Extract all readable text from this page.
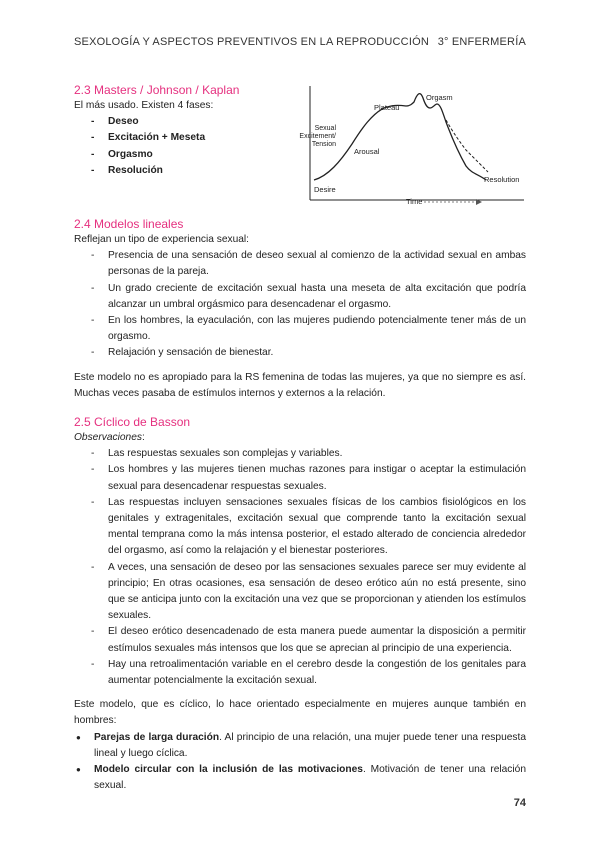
SEXOLOGÍA Y ASPECTOS PREVENTIVOS EN LA REPRODUCCIÓN 3° ENFERMERÍA
2.3 Masters / Johnson / Kaplan

El más usado. Existen 4 fases:

- Deseo
- Excitación + Meseta
- Orgasmo
- Resolución
Sexual
Excitement/
Tension
Desire
Arousal
Plateau
Orgasm
Resolution
Time
2.4 Modelos lineales

Reflejan un tipo de experiencia sexual:

- Presencia de una sensación de deseo sexual al comienzo de la actividad sexual en ambas personas de la pareja.
- Un grado creciente de excitación sexual hasta una meseta de alta excitación que podría alcanzar un umbral orgásmico para desencadenar el orgasmo.
- En los hombres, la eyaculación, con las mujeres pudiendo potencialmente tener más de un orgasmo.
- Relajación y sensación de bienestar.

Este modelo no es apropiado para la RS femenina de todas las mujeres, ya que no siempre es así. Muchas veces pasaba de estímulos internos y externos a la relación.

2.5 Cíclico de Basson

Observaciones:

- Las respuestas sexuales son complejas y variables.
- Los hombres y las mujeres tienen muchas razones para instigar o aceptar la estimulación sexual para desencadenar respuestas sexuales.
- Las respuestas incluyen sensaciones sexuales físicas de los cambios fisiológicos en los genitales y extragenitales, excitación sexual que comprende tanto la excitación sexual mental temprana como la más intensa posterior, el estado alterado de conciencia alrededor del orgasmo, así como la relajación y el bienestar posteriores.
- A veces, una sensación de deseo por las sensaciones sexuales parece ser muy evidente al principio; En otras ocasiones, esa sensación de deseo erótico aún no está presente, sino que se anticipa junto con la excitación una vez que se proporcionan y atienden los estímulos sexuales.
- El deseo erótico desencadenado de esta manera puede aumentar la disposición a permitir estímulos sexuales más intensos que los que se aprecian al principio de una experiencia.
- Hay una retroalimentación variable en el cerebro desde la congestión de los genitales para aumentar potencialmente la excitación sexual.

Este modelo, que es cíclico, lo hace orientado especialmente en mujeres aunque también en hombres:

● Parejas de larga duración. Al principio de una relación, una mujer puede tener una respuesta lineal y luego cíclica.
● Modelo circular con la inclusión de las motivaciones. Motivación de tener una relación sexual.
74
